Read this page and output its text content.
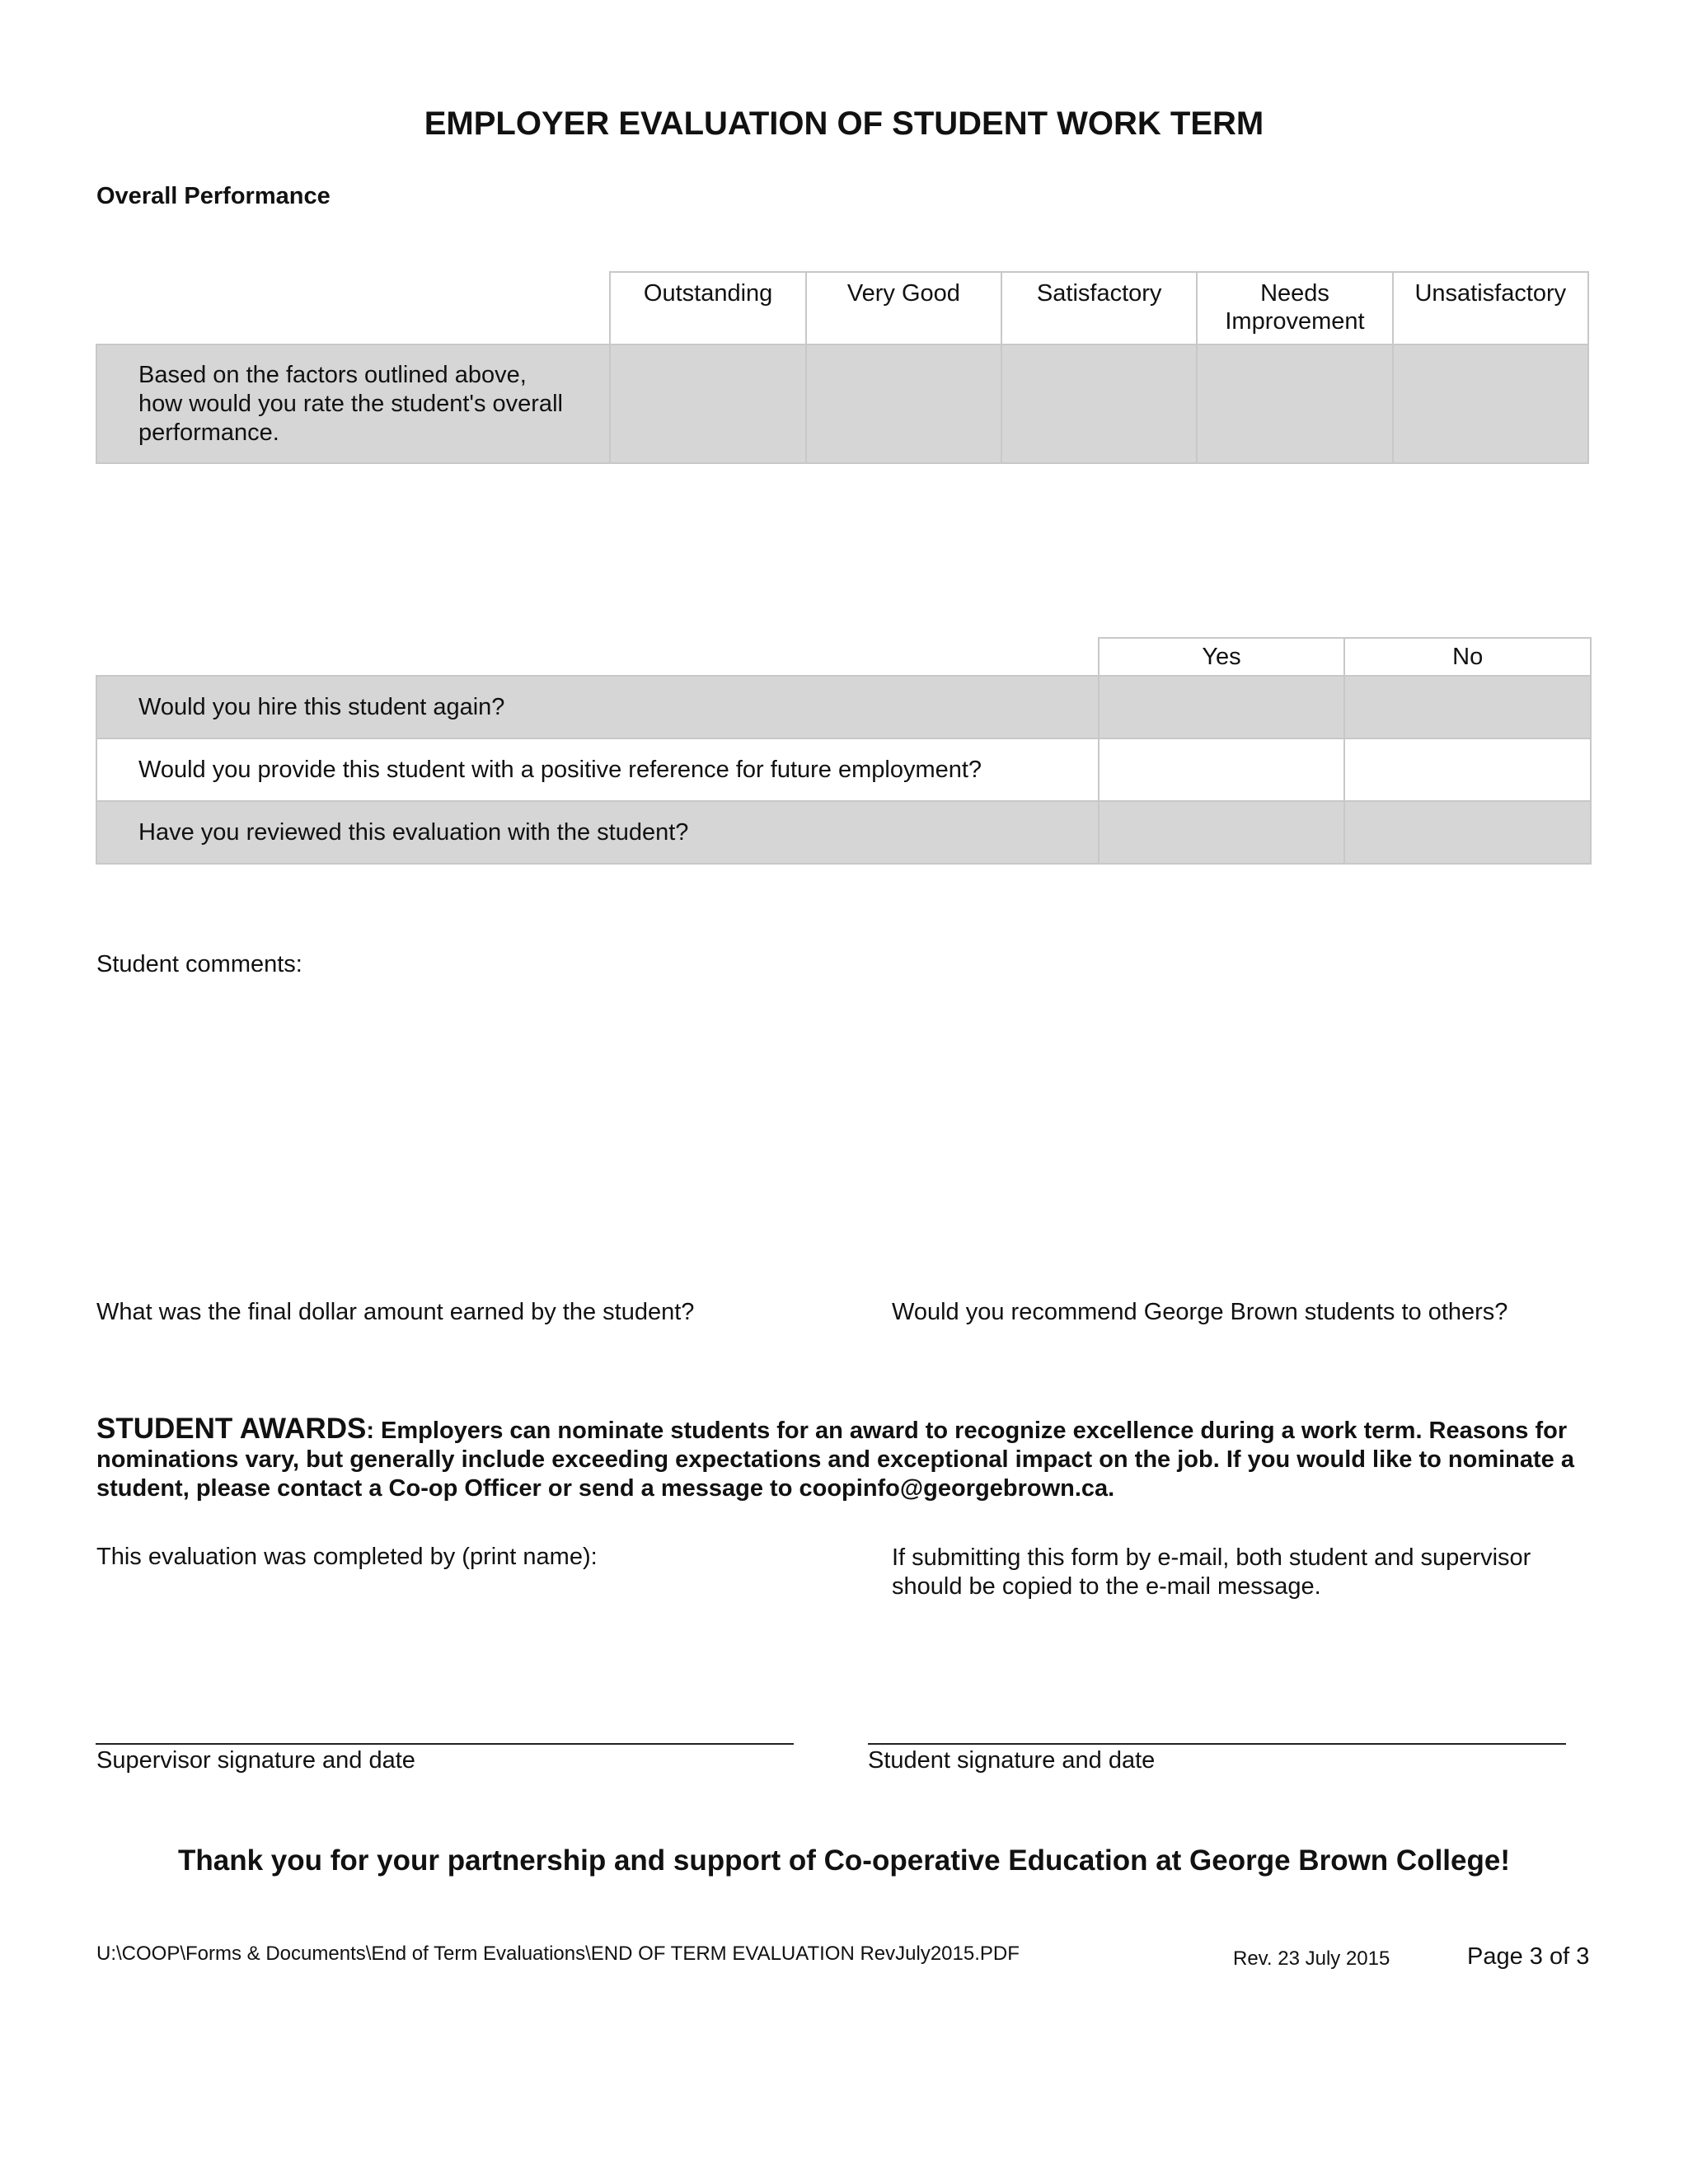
EMPLOYER EVALUATION OF STUDENT WORK TERM
Overall Performance
	Outstanding	Very Good	Satisfactory	Needs Improvement	Unsatisfactory
Based on the factors outlined above, how would you rate the student's overall performance.					
	Yes	No
Would you hire this student again?		
Would you provide this student with a positive reference for future employment?		
Have you reviewed this evaluation with the student?		
Student comments:
What was the final dollar amount earned by the student?	Would you recommend George Brown students to others?
STUDENT AWARDS: Employers can nominate students for an award to recognize excellence during a work term. Reasons for nominations vary, but generally include exceeding expectations and exceptional impact on the job. If you would like to nominate a student, please contact a Co-op Officer or send a message to coopinfo@georgebrown.ca.
This evaluation was completed by (print name):	If submitting this form by e-mail, both student and supervisor should be copied to the e-mail message.
Supervisor signature and date	Student signature and date
Thank you for your partnership and support of Co-operative Education at George Brown College!
U:\COOP\Forms & Documents\End of Term Evaluations\END OF TERM EVALUATION RevJuly2015.PDF	Rev. 23 July 2015	Page 3 of 3
